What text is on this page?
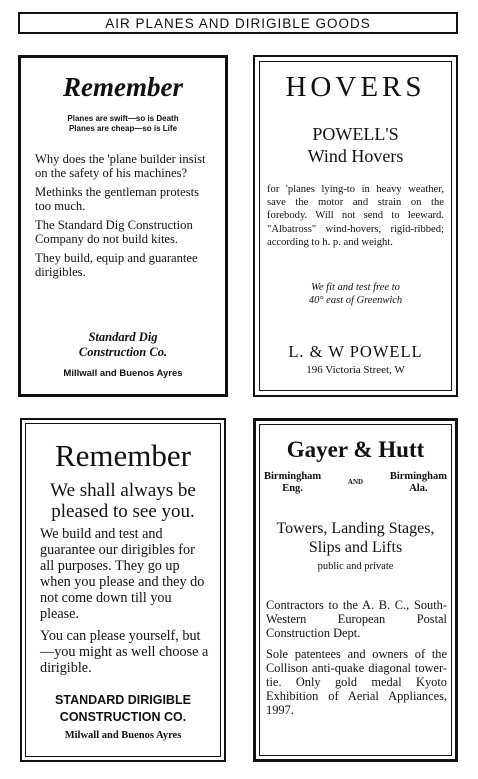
AIR PLANES AND DIRIGIBLE GOODS
Remember
Planes are swift—so is Death
Planes are cheap—so is Life

Why does the 'plane builder insist on the safety of his machines?

Methinks the gentleman protests too much.

The Standard Dig Construction Company do not build kites.

They build, equip and guarantee dirigibles.

Standard Dig
Construction Co.
Millwall and Buenos Ayres
HOVERS
POWELL'S
Wind Hovers
for 'planes lying-to in heavy weather, save the motor and strain on the forebody. Will not send to leeward. "Albatross" wind-hovers, rigid-ribbed; according to h. p. and weight.
We fit and test free to
40° east of Greenwich
L. & W POWELL
196 Victoria Street, W
Remember
We shall always be
pleased to see you.

We build and test and guarantee our dirigibles for all purposes. They go up when you please and they do not come down till you please.

You can please yourself, but—you might as well choose a dirigible.

STANDARD DIRIGIBLE
CONSTRUCTION CO.
Milwall and Buenos Ayres
Gayer & Hutt
Birmingham
Eng.
AND	Birmingham
Ala.
Towers, Landing Stages,
Slips and Lifts
public and private

Contractors to the A. B. C., South-Western European Postal Construction Dept.

Sole patentees and owners of the Collison anti-quake diagonal tower-tie. Only gold medal Kyoto Exhibition of Aerial Appliances, 1997.
